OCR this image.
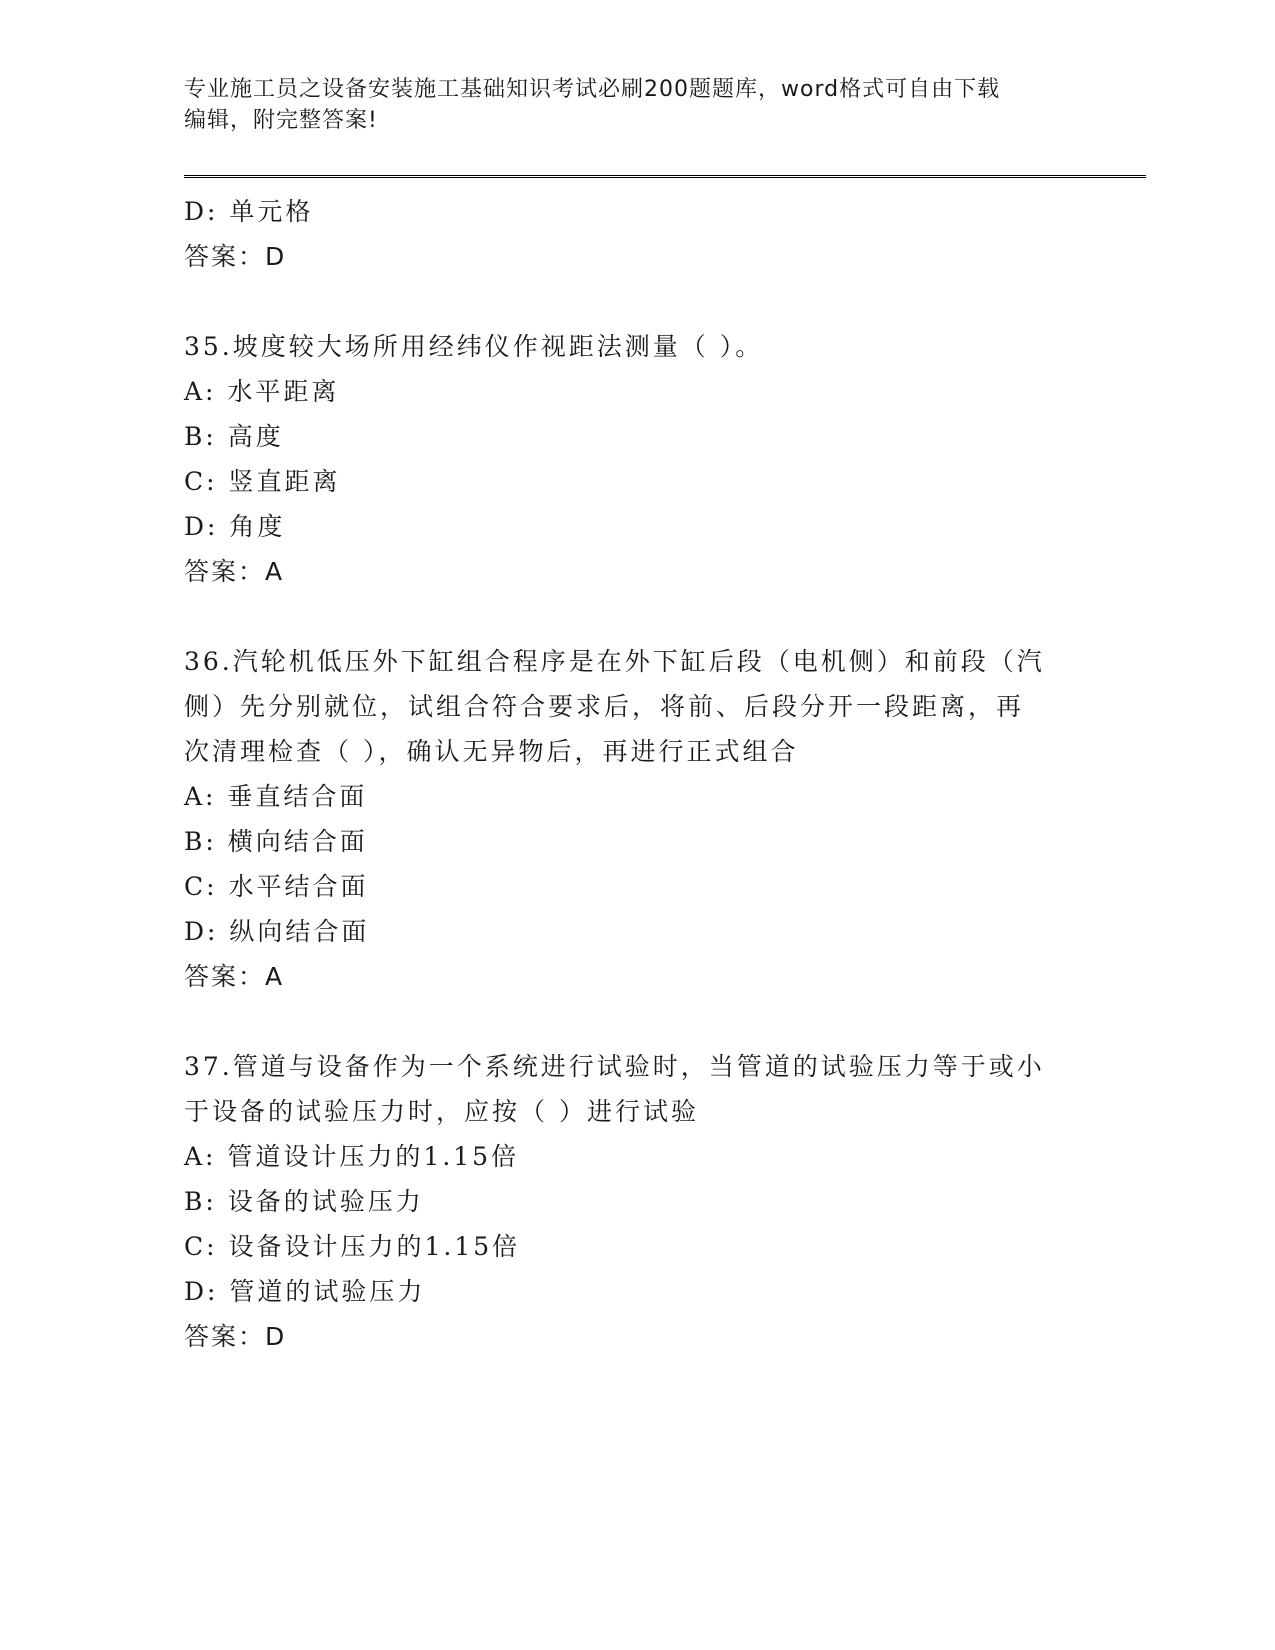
专业施工员之设备安装施工基础知识考试必刷200题题库，word格式可自由下载
编辑，附完整答案!
D: 单元格
答案：D
35.坡度较大场所用经纬仪作视距法测量（ ）。
A: 水平距离
B: 高度
C: 竖直距离
D: 角度
答案：A
36.汽轮机低压外下缸组合程序是在外下缸后段（电机侧）和前段（汽
侧）先分别就位，试组合符合要求后，将前、后段分开一段距离，再
次清理检查（ ），确认无异物后，再进行正式组合
A: 垂直结合面
B: 横向结合面
C: 水平结合面
D: 纵向结合面
答案：A
37.管道与设备作为一个系统进行试验时，当管道的试验压力等于或小
于设备的试验压力时，应按（ ）进行试验
A: 管道设计压力的1.15倍
B: 设备的试验压力
C: 设备设计压力的1.15倍
D: 管道的试验压力
答案：D
